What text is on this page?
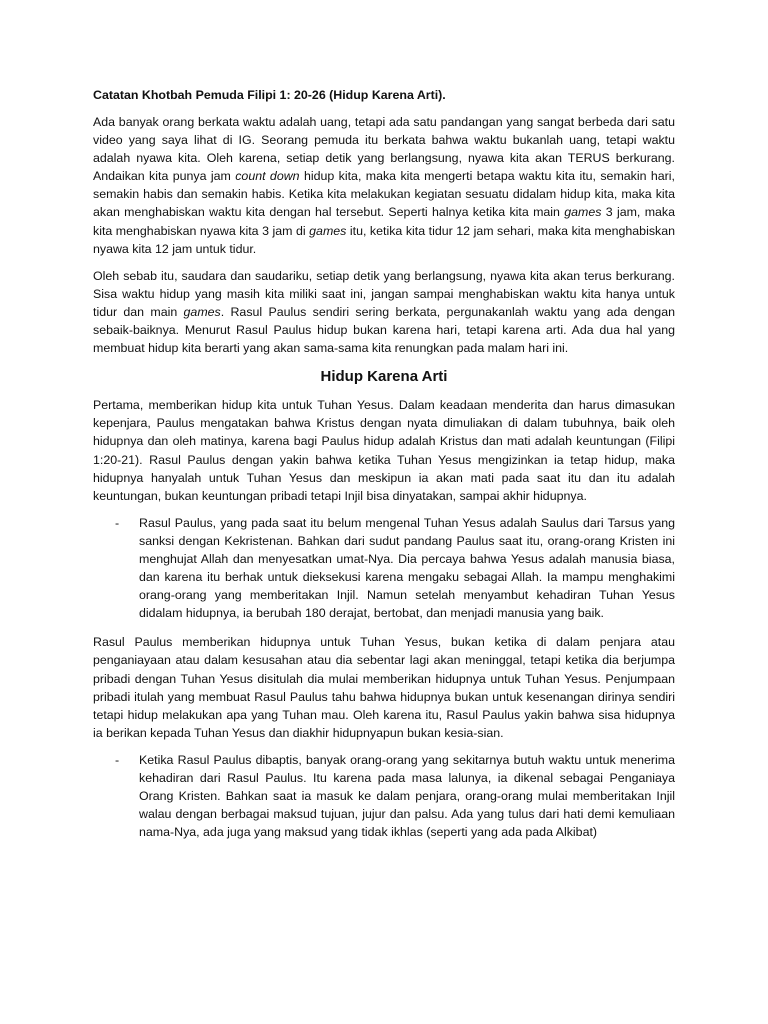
Catatan Khotbah Pemuda Filipi 1: 20-26 (Hidup Karena Arti).

Ada banyak orang berkata waktu adalah uang, tetapi ada satu pandangan yang sangat berbeda dari satu video yang saya lihat di IG. Seorang pemuda itu berkata bahwa waktu bukanlah uang, tetapi waktu adalah nyawa kita. Oleh karena, setiap detik yang berlangsung, nyawa kita akan TERUS berkurang. Andaikan kita punya jam count down hidup kita, maka kita mengerti betapa waktu kita itu, semakin hari, semakin habis dan semakin habis. Ketika kita melakukan kegiatan sesuatu didalam hidup kita, maka kita akan menghabiskan waktu kita dengan hal tersebut. Seperti halnya ketika kita main games 3 jam, maka kita menghabiskan nyawa kita 3 jam di games itu, ketika kita tidur 12 jam sehari, maka kita menghabiskan nyawa kita 12 jam untuk tidur.

Oleh sebab itu, saudara dan saudariku, setiap detik yang berlangsung, nyawa kita akan terus berkurang. Sisa waktu hidup yang masih kita miliki saat ini, jangan sampai menghabiskan waktu kita hanya untuk tidur dan main games. Rasul Paulus sendiri sering berkata, pergunakanlah waktu yang ada dengan sebaik-baiknya. Menurut Rasul Paulus hidup bukan karena hari, tetapi karena arti. Ada dua hal yang membuat hidup kita berarti yang akan sama-sama kita renungkan pada malam hari ini.

Hidup Karena Arti

Pertama, memberikan hidup kita untuk Tuhan Yesus. Dalam keadaan menderita dan harus dimasukan kepenjara, Paulus mengatakan bahwa Kristus dengan nyata dimuliakan di dalam tubuhnya, baik oleh hidupnya dan oleh matinya, karena bagi Paulus hidup adalah Kristus dan mati adalah keuntungan (Filipi 1:20-21). Rasul Paulus dengan yakin bahwa ketika Tuhan Yesus mengizinkan ia tetap hidup, maka hidupnya hanyalah untuk Tuhan Yesus dan meskipun ia akan mati pada saat itu dan itu adalah keuntungan, bukan keuntungan pribadi tetapi Injil bisa dinyatakan, sampai akhir hidupnya.

-	Rasul Paulus, yang pada saat itu belum mengenal Tuhan Yesus adalah Saulus dari Tarsus yang sanksi dengan Kekristenan. Bahkan dari sudut pandang Paulus saat itu, orang-orang Kristen ini menghujat Allah dan menyesatkan umat-Nya. Dia percaya bahwa Yesus adalah manusia biasa, dan karena itu berhak untuk dieksekusi karena mengaku sebagai Allah. Ia mampu menghakimi orang-orang yang memberitakan Injil. Namun setelah menyambut kehadiran Tuhan Yesus didalam hidupnya, ia berubah 180 derajat, bertobat, dan menjadi manusia yang baik.

Rasul Paulus memberikan hidupnya untuk Tuhan Yesus, bukan ketika di dalam penjara atau penganiayaan atau dalam kesusahan atau dia sebentar lagi akan meninggal, tetapi ketika dia berjumpa pribadi dengan Tuhan Yesus disitulah dia mulai memberikan hidupnya untuk Tuhan Yesus. Penjumpaan pribadi itulah yang membuat Rasul Paulus tahu bahwa hidupnya bukan untuk kesenangan dirinya sendiri tetapi hidup melakukan apa yang Tuhan mau. Oleh karena itu, Rasul Paulus yakin bahwa sisa hidupnya ia berikan kepada Tuhan Yesus dan diakhir hidupnyapun bukan kesia-sian.

-	Ketika Rasul Paulus dibaptis, banyak orang-orang yang sekitarnya butuh waktu untuk menerima kehadiran dari Rasul Paulus. Itu karena pada masa lalunya, ia dikenal sebagai Penganiaya Orang Kristen. Bahkan saat ia masuk ke dalam penjara, orang-orang mulai memberitakan Injil walau dengan berbagai maksud tujuan, jujur dan palsu. Ada yang tulus dari hati demi kemuliaan nama-Nya, ada juga yang maksud yang tidak ikhlas (seperti yang ada pada Alkibat)
